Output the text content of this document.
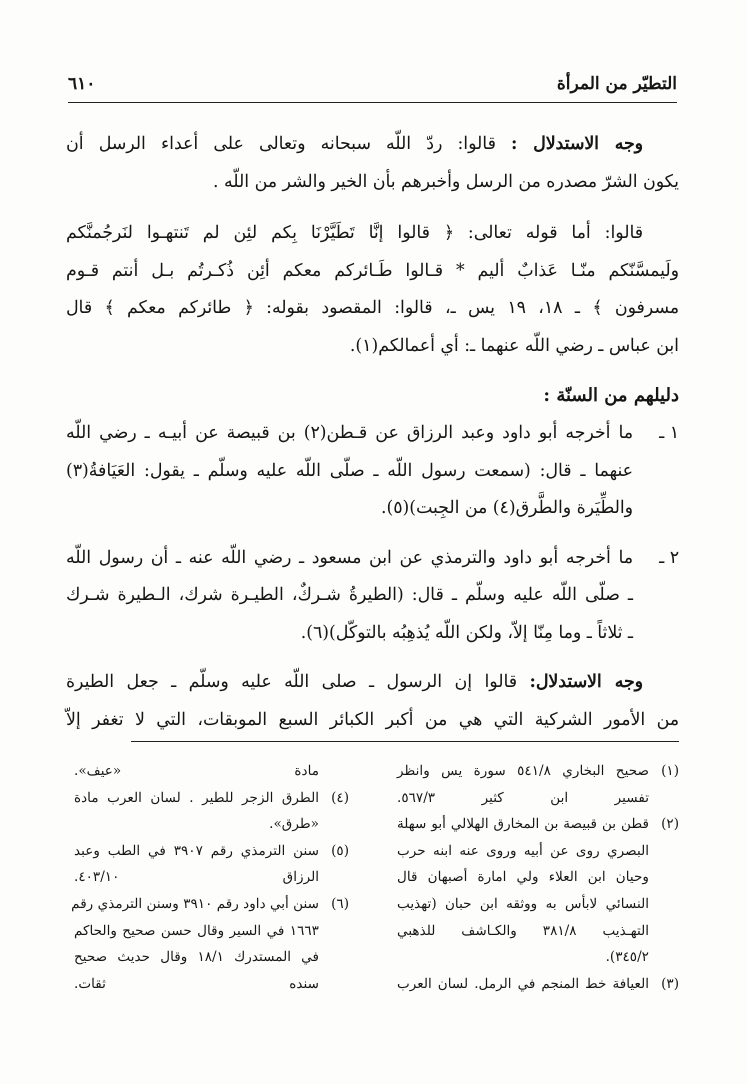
التطيّر من المرأة
٦١٠
وجه الاستدلال : قالوا: ردّ اللّه سبحانه وتعالى على أعداء الرسل أن
يكون الشرّ مصدره من الرسل وأخبرهم بأن الخير والشر من اللّه .
قالوا: أما قوله تعالى: ﴿ قالوا إنَّا تَطَيَّرْنَا بِكم لئِن لم تَنتهـوا لنَرجُمنَّكم
ولَيمسَّنّكم منّـا عَذابٌ أليم * قـالوا طَـائركم معكم أئِن ذُكـرتُم بـل أنتم قـوم
مسرفون ﴾ ـ ١٨، ١٩ يس ـ، قالوا: المقصود بقوله: ﴿ طائركم معكم ﴾ قال
ابن عباس ـ رضي اللّه عنهما ـ: أي أعمالكم(١).
دليلهم من السنّة :
١ ـ
ما أخرجه أبو داود وعبد الرزاق عن قـطن(٢) بن قبيصة عن أبيـه ـ رضي اللّه
عنهما ـ قال: (سمعت رسول اللّه ـ صلّى اللّه عليه وسلّم ـ يقول: العَيَافةُ(٣)
والطِّيَرة والطَّرق(٤) من الجِبت)(٥).
٢ ـ
ما أخرجه أبو داود والترمذي عن ابن مسعود ـ رضي اللّه عنه ـ أن رسول اللّه
ـ صلّى اللّه عليه وسلّم ـ قال: (الطيرةُ شـركٌ، الطيـرة شرك، الـطيرة شـرك
ـ ثلاثاً ـ وما مِنّا إلاّ، ولكن اللّه يُذهِبُه بالتوكّل)(٦).
وجه الاستدلال: قالوا إن الرسول ـ صلى اللّه عليه وسلّم ـ جعل الطيرة
من الأمور الشركية التي هي من أكبر الكبائر السبع الموبقات، التي لا تغفر إلاّ
(١)
صحيح البخاري ٥٤١/٨ سورة يس وانظر
تفسير ابن كثير ٥٦٧/٣.
(٢)
قطن بن قبيصة بن المخارق الهلالي أبو سهلة
البصري روى عن أبيه وروى عنه ابنه حرب
وحيان ابن العلاء ولي امارة أصبهان قال
النسائي لابأس به ووثقه ابن حبان (تهذيب
التهـذيب ٣٨١/٨ والكـاشف للذهبي
٣٤٥/٢).
(٣)
العيافة خط المنجم في الرمل. لسان العرب
مادة «عيف».
(٤)
الطرق الزجر للطير . لسان العرب مادة
«طرق».
(٥)
سنن الترمذي رقم ٣٩٠٧ في الطب وعبد
الرزاق ٤٠٣/١٠.
(٦)
سنن أبي داود رقم ٣٩١٠ وسنن الترمذي رقم
١٦٦٣ في السير وقال حسن صحيح والحاكم
في المستدرك ١٨/١ وقال حديث صحيح
سنده ثقات.
